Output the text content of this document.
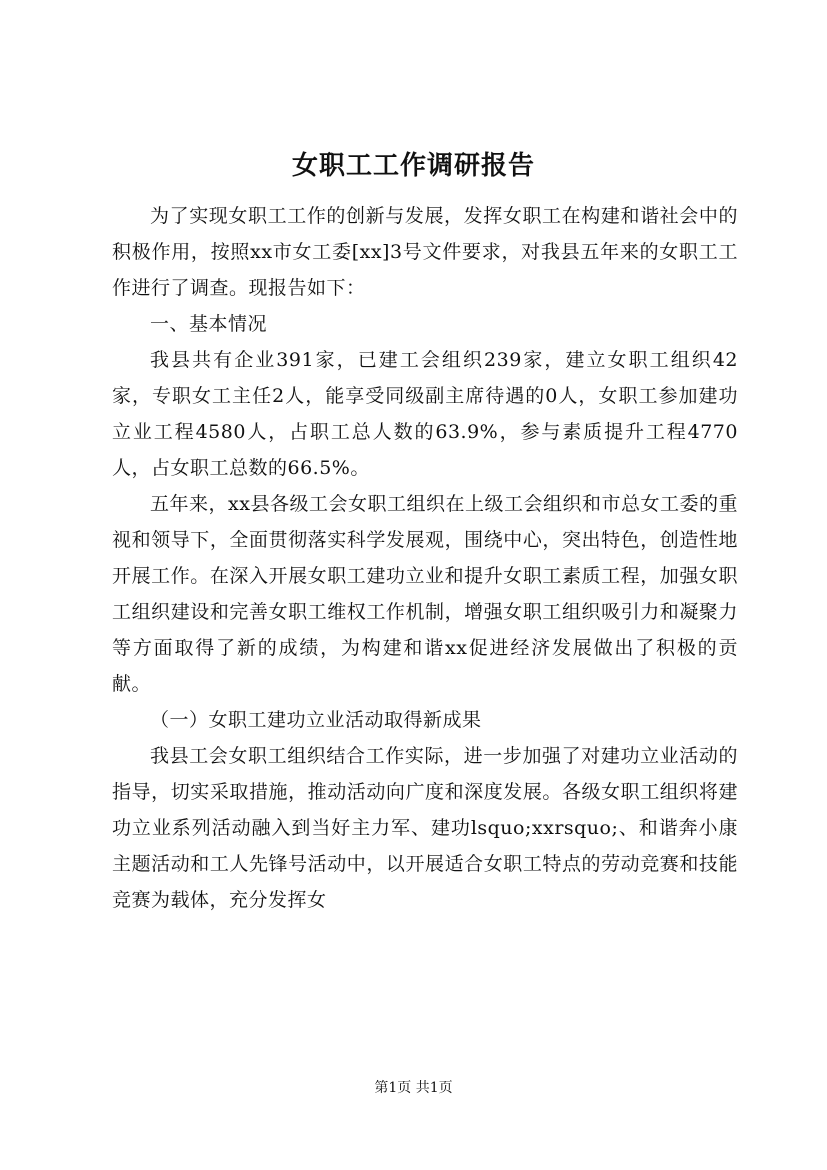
女职工工作调研报告

为了实现女职工工作的创新与发展，发挥女职工在构建和谐社会中的积极作用，按照xx市女工委[xx]3号文件要求，对我县五年来的女职工工作进行了调查。现报告如下：

一、基本情况

我县共有企业391家，已建工会组织239家，建立女职工组织42家，专职女工主任2人，能享受同级副主席待遇的0人，女职工参加建功立业工程4580人，占职工总人数的63.9%，参与素质提升工程4770人，占女职工总数的66.5%。

五年来，xx县各级工会女职工组织在上级工会组织和市总女工委的重视和领导下，全面贯彻落实科学发展观，围绕中心，突出特色，创造性地开展工作。在深入开展女职工建功立业和提升女职工素质工程，加强女职工组织建设和完善女职工维权工作机制，增强女职工组织吸引力和凝聚力等方面取得了新的成绩，为构建和谐xx促进经济发展做出了积极的贡献。

（一）女职工建功立业活动取得新成果

我县工会女职工组织结合工作实际，进一步加强了对建功立业活动的指导，切实采取措施，推动活动向广度和深度发展。各级女职工组织将建功立业系列活动融入到当好主力军、建功lsquo;xxrsquo;、和谐奔小康主题活动和工人先锋号活动中，以开展适合女职工特点的劳动竞赛和技能竞赛为载体，充分发挥女

第1页 共1页
